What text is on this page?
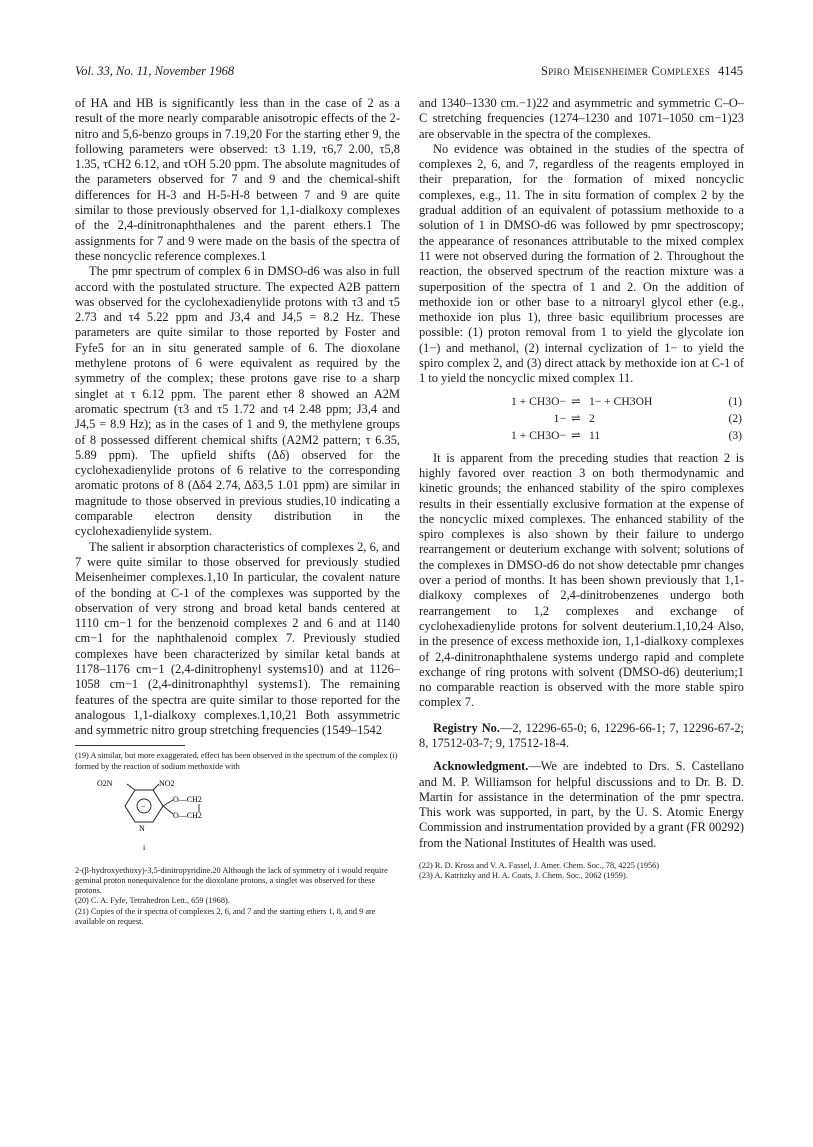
Vol. 33, No. 11, November 1968	Spiro Meisenheimer Complexes 4145

of HA and HB is significantly less than in the case of 2 as a result of the more nearly comparable anisotropic effects of the 2-nitro and 5,6-benzo groups in 7.19,20 For the starting ether 9, the following parameters were observed: τ3 1.19, τ6,7 2.00, τ5,8 1.35, τCH2 6.12, and τOH 5.20 ppm. The absolute magnitudes of the parameters observed for 7 and 9 and the chemical-shift differences for H-3 and H-5-H-8 between 7 and 9 are quite similar to those previously observed for 1,1-dialkoxy complexes of the 2,4-dinitronaphthalenes and the parent ethers.1 The assignments for 7 and 9 were made on the basis of the spectra of these noncyclic reference complexes.1

The pmr spectrum of complex 6 in DMSO-d6 was also in full accord with the postulated structure. The expected A2B pattern was observed for the cyclohexadienylide protons with τ3 and τ5 2.73 and τ4 5.22 ppm and J3,4 and J4,5 = 8.2 Hz. These parameters are quite similar to those reported by Foster and Fyfe5 for an in situ generated sample of 6. The dioxolane methylene protons of 6 were equivalent as required by the symmetry of the complex; these protons gave rise to a sharp singlet at τ 6.12 ppm. The parent ether 8 showed an A2M aromatic spectrum (τ3 and τ5 1.72 and τ4 2.48 ppm; J3,4 and J4,5 = 8.9 Hz); as in the cases of 1 and 9, the methylene groups of 8 possessed different chemical shifts (A2M2 pattern; τ 6.35, 5.89 ppm). The upfield shifts (Δδ) observed for the cyclohexadienylide protons of 6 relative to the corresponding aromatic protons of 8 (Δδ4 2.74, Δδ3,5 1.01 ppm) are similar in magnitude to those observed in previous studies,10 indicating a comparable electron density distribution in the cyclohexadienylide system.

The salient ir absorption characteristics of complexes 2, 6, and 7 were quite similar to those observed for previously studied Meisenheimer complexes.1,10 In particular, the covalent nature of the bonding at C-1 of the complexes was supported by the observation of very strong and broad ketal bands centered at 1110 cm−1 for the benzenoid complexes 2 and 6 and at 1140 cm−1 for the naphthalenoid complex 7. Previously studied complexes have been characterized by similar ketal bands at 1178–1176 cm−1 (2,4-dinitrophenyl systems10) and at 1126–1058 cm−1 (2,4-dinitronaphthyl systems1). The remaining features of the spectra are quite similar to those reported for the analogous 1,1-dialkoxy complexes.1,10,21 Both assymmetric and symmetric nitro group stretching frequencies (1549–1542

(19) A similar, but more exaggerated, effect has been observed in the spectrum of the complex (i) formed by the reaction of sodium methoxide with

−
O2N	NO2
N
O—CH2
O—CH2
i

2-(β-hydroxyethoxy)-3,5-dinitropyridine.20 Although the lack of symmetry of i would require geminal proton nonequivalence for the dioxolane protons, a singlet was observed for these protons.

(20) C. A. Fyfe, Tetrahedron Lett., 659 (1968).

(21) Copies of the ir spectra of complexes 2, 6, and 7 and the starting ethers 1, 8, and 9 are available on request.

and 1340–1330 cm.−1)22 and asymmetric and symmetric C–O–C stretching frequencies (1274–1230 and 1071–1050 cm−1)23 are observable in the spectra of the complexes.

No evidence was obtained in the studies of the spectra of complexes 2, 6, and 7, regardless of the reagents employed in their preparation, for the formation of mixed noncyclic complexes, e.g., 11. The in situ formation of complex 2 by the gradual addition of an equivalent of potassium methoxide to a solution of 1 in DMSO-d6 was followed by pmr spectroscopy; the appearance of resonances attributable to the mixed complex 11 were not observed during the formation of 2. Throughout the reaction, the observed spectrum of the reaction mixture was a superposition of the spectra of 1 and 2. On the addition of methoxide ion or other base to a nitroaryl glycol ether (e.g., methoxide ion plus 1), three basic equilibrium processes are possible: (1) proton removal from 1 to yield the glycolate ion (1−) and methanol, (2) internal cyclization of 1− to yield the spiro complex 2, and (3) direct attack by methoxide ion at C-1 of 1 to yield the noncyclic mixed complex 11.

1 + CH3O− ⇌ 1− + CH3OH	(1)
1− ⇌ 2	(2)
1 + CH3O− ⇌ 11	(3)

It is apparent from the preceding studies that reaction 2 is highly favored over reaction 3 on both thermodynamic and kinetic grounds; the enhanced stability of the spiro complexes results in their essentially exclusive formation at the expense of the noncyclic mixed complexes. The enhanced stability of the spiro complexes is also shown by their failure to undergo rearrangement or deuterium exchange with solvent; solutions of the complexes in DMSO-d6 do not show detectable pmr changes over a period of months. It has been shown previously that 1,1-dialkoxy complexes of 2,4-dinitrobenzenes undergo both rearrangement to 1,2 complexes and exchange of cyclohexadienylide protons for solvent deuterium.1,10,24 Also, in the presence of excess methoxide ion, 1,1-dialkoxy complexes of 2,4-dinitronaphthalene systems undergo rapid and complete exchange of ring protons with solvent (DMSO-d6) deuterium;1 no comparable reaction is observed with the more stable spiro complex 7.

Registry No.—2, 12296-65-0; 6, 12296-66-1; 7, 12296-67-2; 8, 17512-03-7; 9, 17512-18-4.

Acknowledgment.—We are indebted to Drs. S. Castellano and M. P. Williamson for helpful discussions and to Dr. B. D. Martin for assistance in the determination of the pmr spectra. This work was supported, in part, by the U. S. Atomic Energy Commission and instrumentation provided by a grant (FR 00292) from the National Institutes of Health was used.

(22) R. D. Kross and V. A. Fassel, J. Amer. Chem. Soc., 78, 4225 (1956)

(23) A. Katritzky and H. A. Coats, J. Chem. Soc., 2062 (1959).
